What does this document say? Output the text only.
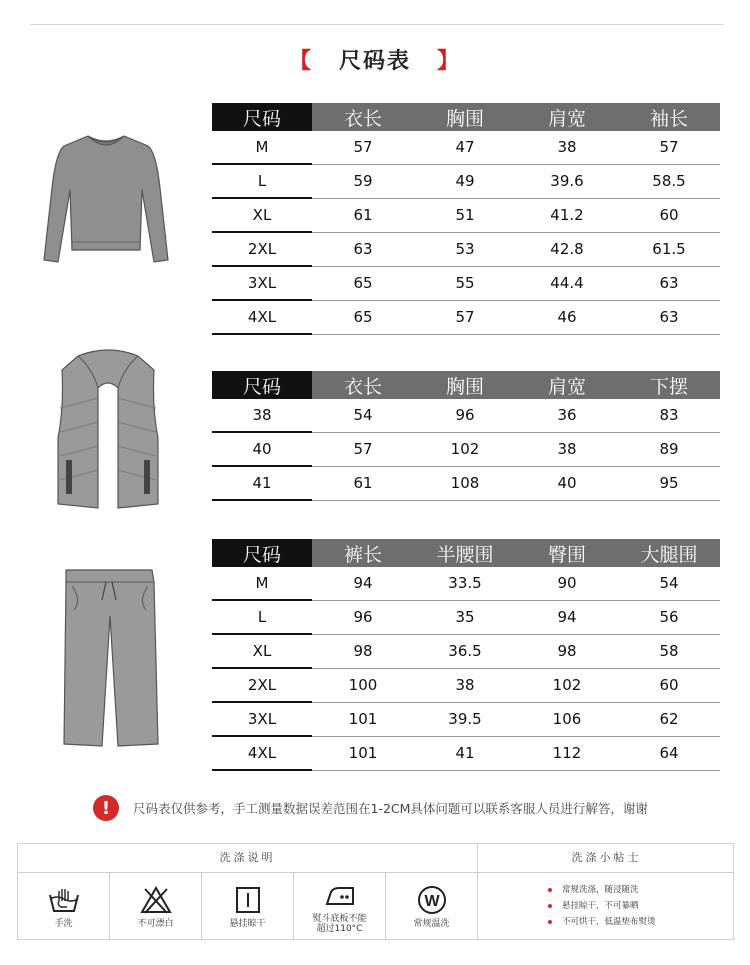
【 尺码表 】
尺码	衣长	胸围	肩宽	袖长
M	57	47	38	57
L	59	49	39.6	58.5
XL	61	51	41.2	60
2XL	63	53	42.8	61.5
3XL	65	55	44.4	63
4XL	65	57	46	63
尺码	衣长	胸围	肩宽	下摆
38	54	96	36	83
40	57	102	38	89
41	61	108	40	95
尺码	裤长	半腰围	臀围	大腿围
M	94	33.5	90	54
L	96	35	94	56
XL	98	36.5	98	58
2XL	100	38	102	60
3XL	101	39.5	106	62
4XL	101	41	112	64
!	尺码表仅供参考，手工测量数据误差范围在1-2CM具体问题可以联系客服人员进行解答，谢谢
洗涤说明	洗涤小帖士
手洗	不可漂白	悬挂晾干	熨斗底板不能
超过110°C
W
常规温洗
常规洗涤，随浸随洗
悬挂晾干，不可暴晒
不可烘干，低温垫布熨烫
